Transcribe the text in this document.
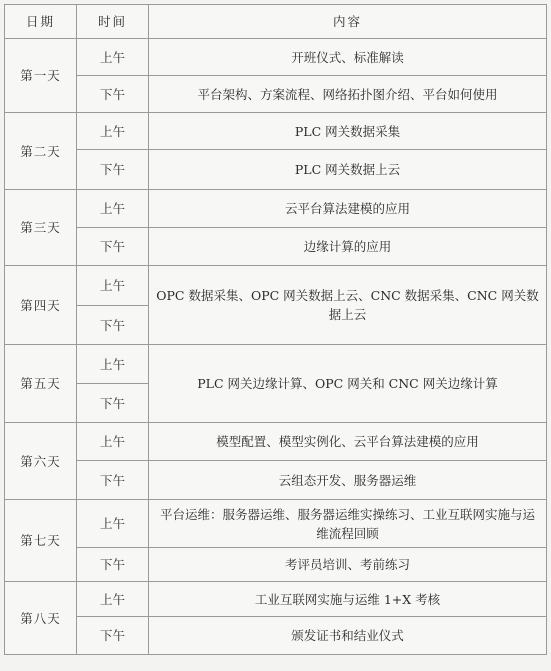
日期	时间	内容
第一天	上午	开班仪式、标准解读
	下午	平台架构、方案流程、网络拓扑图介绍、平台如何使用
第二天	上午	PLC 网关数据采集
	下午	PLC 网关数据上云
第三天	上午	云平台算法建模的应用
	下午	边缘计算的应用
第四天	上午	OPC 数据采集、OPC 网关数据上云、CNC 数据采集、CNC 网关数据上云
	下午	
第五天	上午	PLC 网关边缘计算、OPC 网关和 CNC 网关边缘计算
	下午	
第六天	上午	模型配置、模型实例化、云平台算法建模的应用
	下午	云组态开发、服务器运维
第七天	上午	平台运维：服务器运维、服务器运维实操练习、工业互联网实施与运维流程回顾
	下午	考评员培训、考前练习
第八天	上午	工业互联网实施与运维 1+X 考核
	下午	颁发证书和结业仪式
